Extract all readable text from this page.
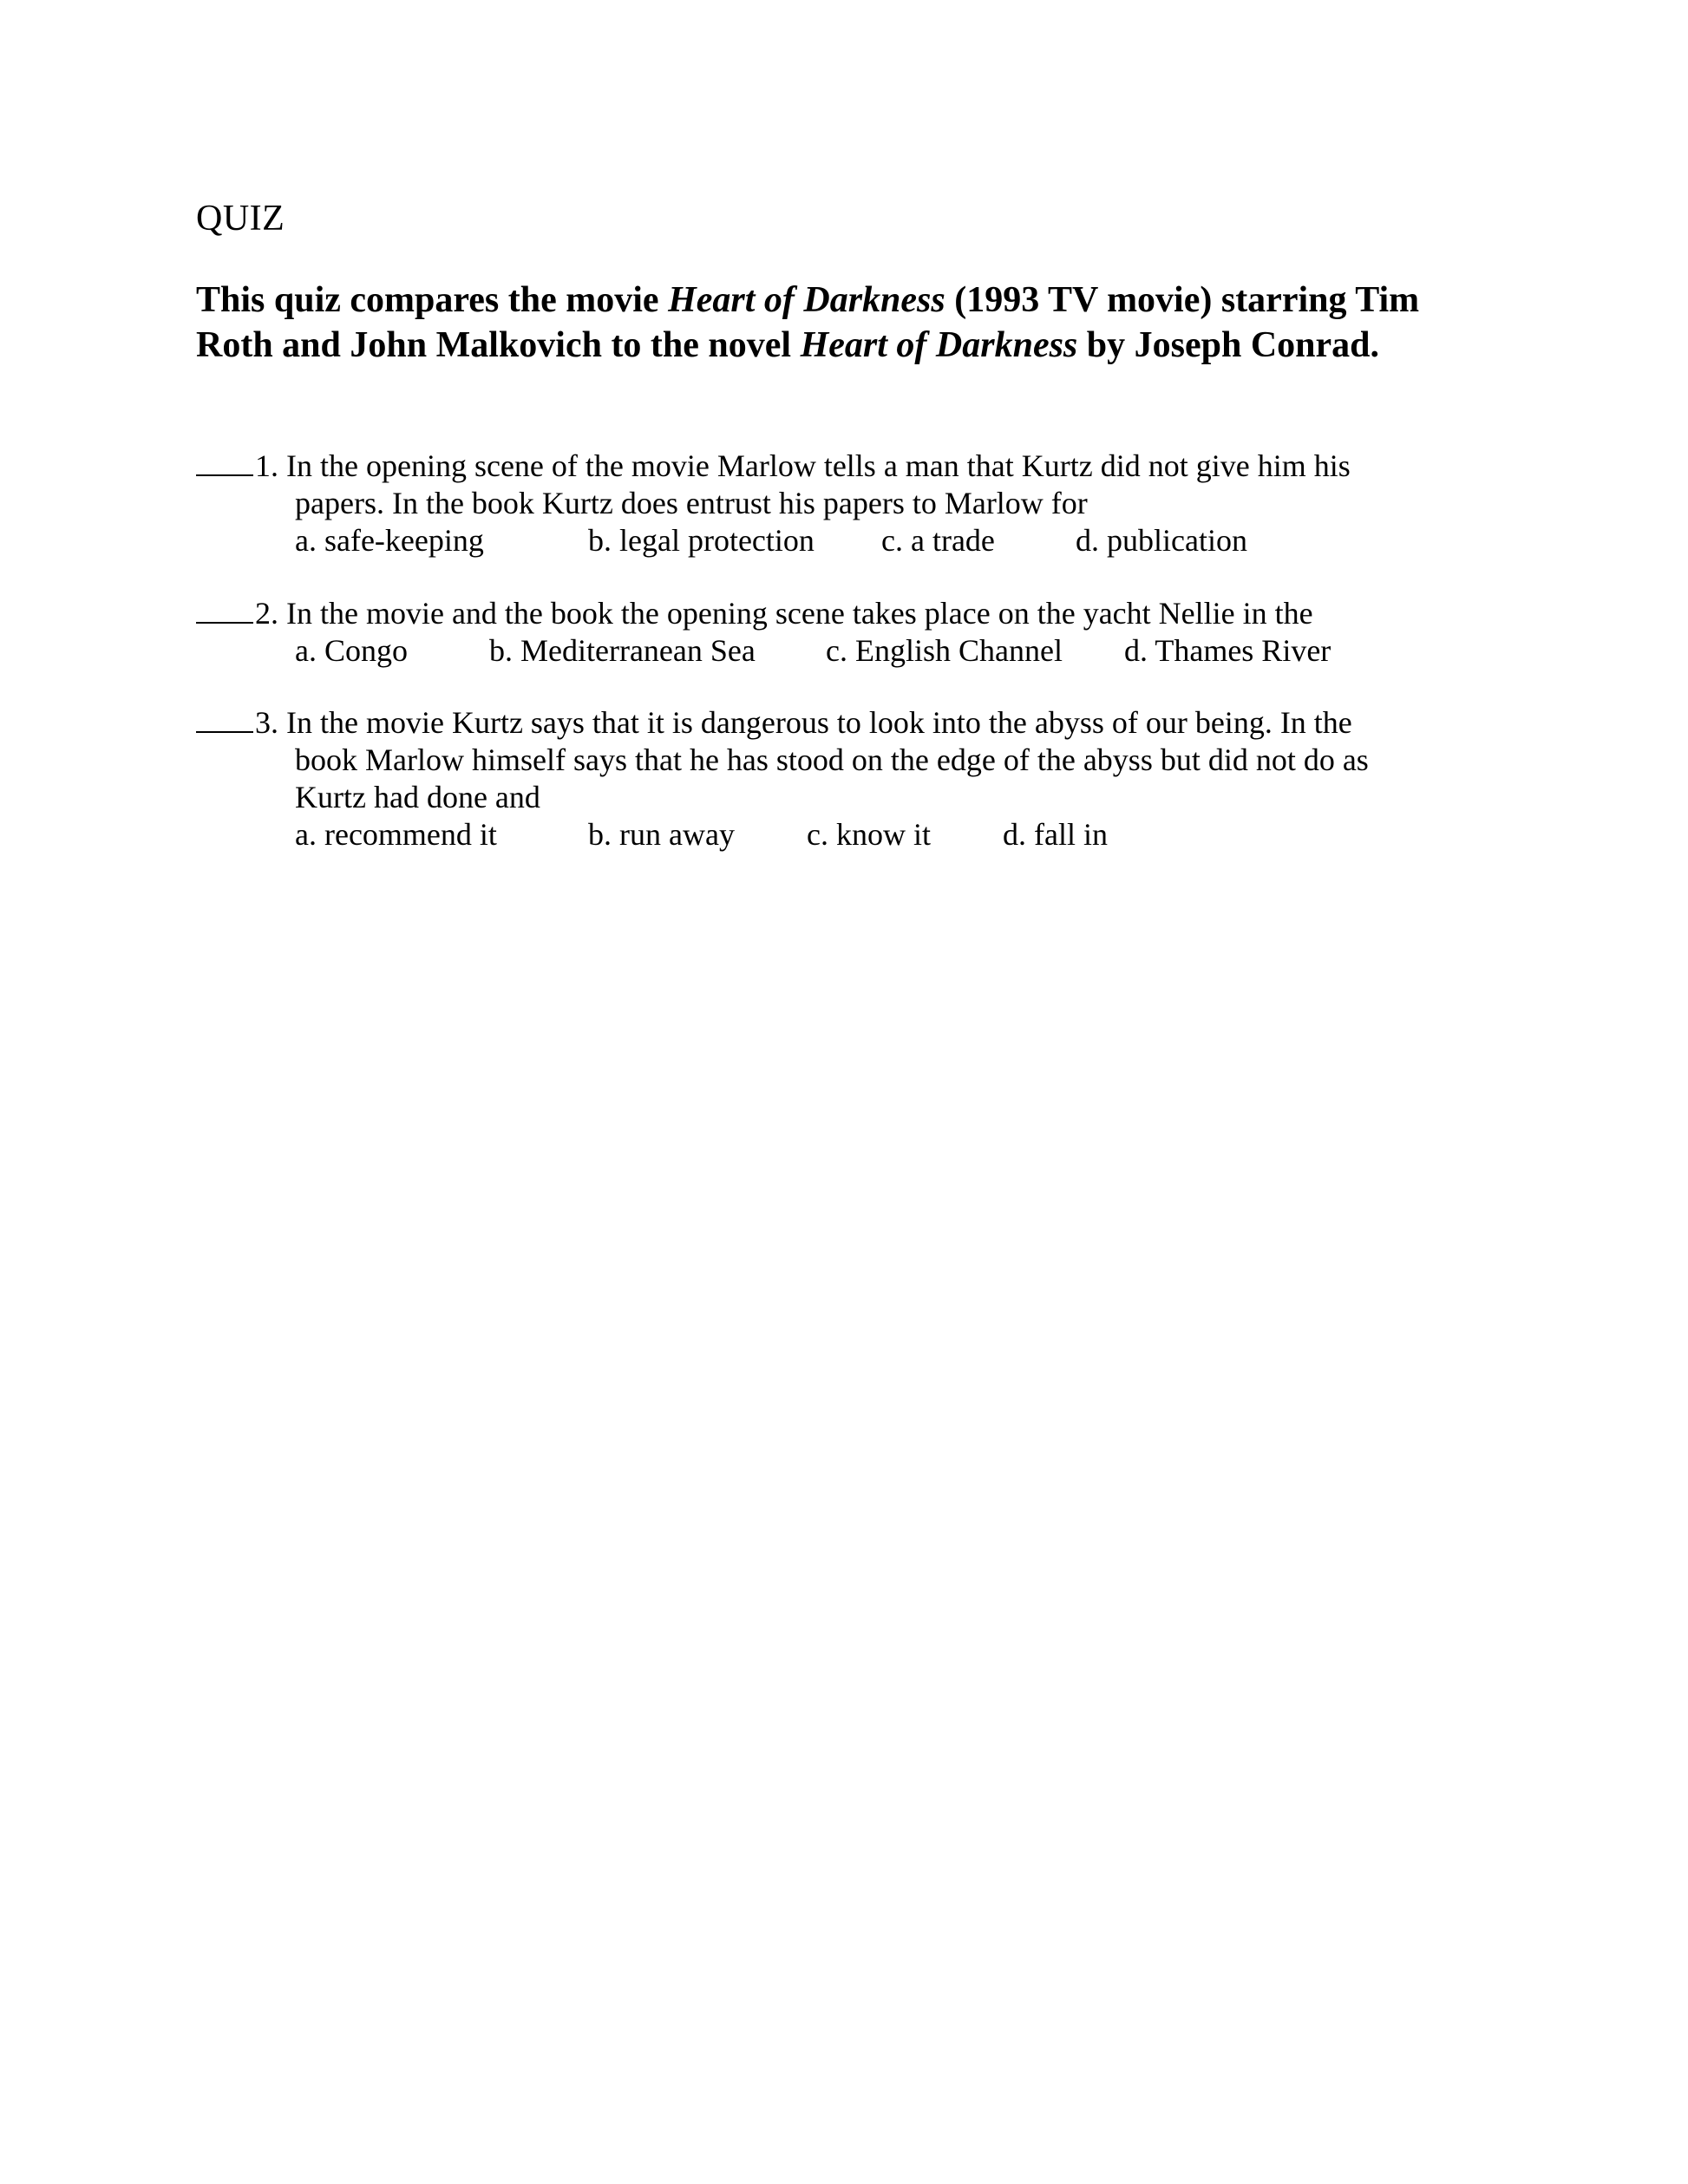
QUIZ
This quiz compares the movie Heart of Darkness (1993 TV movie) starring Tim Roth and John Malkovich to the novel Heart of Darkness by Joseph Conrad.
1. In the opening scene of the movie Marlow tells a man that Kurtz did not give him his
papers. In the book Kurtz does entrust his papers to Marlow for
a. safe-keeping	b. legal protection c. a trade	d. publication
2. In the movie and the book the opening scene takes place on the yacht Nellie in the
a. Congo	b. Mediterranean Sea c. English Channel d. Thames River
3. In the movie Kurtz says that it is dangerous to look into the abyss of our being. In the
book Marlow himself says that he has stood on the edge of the abyss but did not do as
Kurtz had done and
a. recommend it	b. run away c. know it d. fall in
